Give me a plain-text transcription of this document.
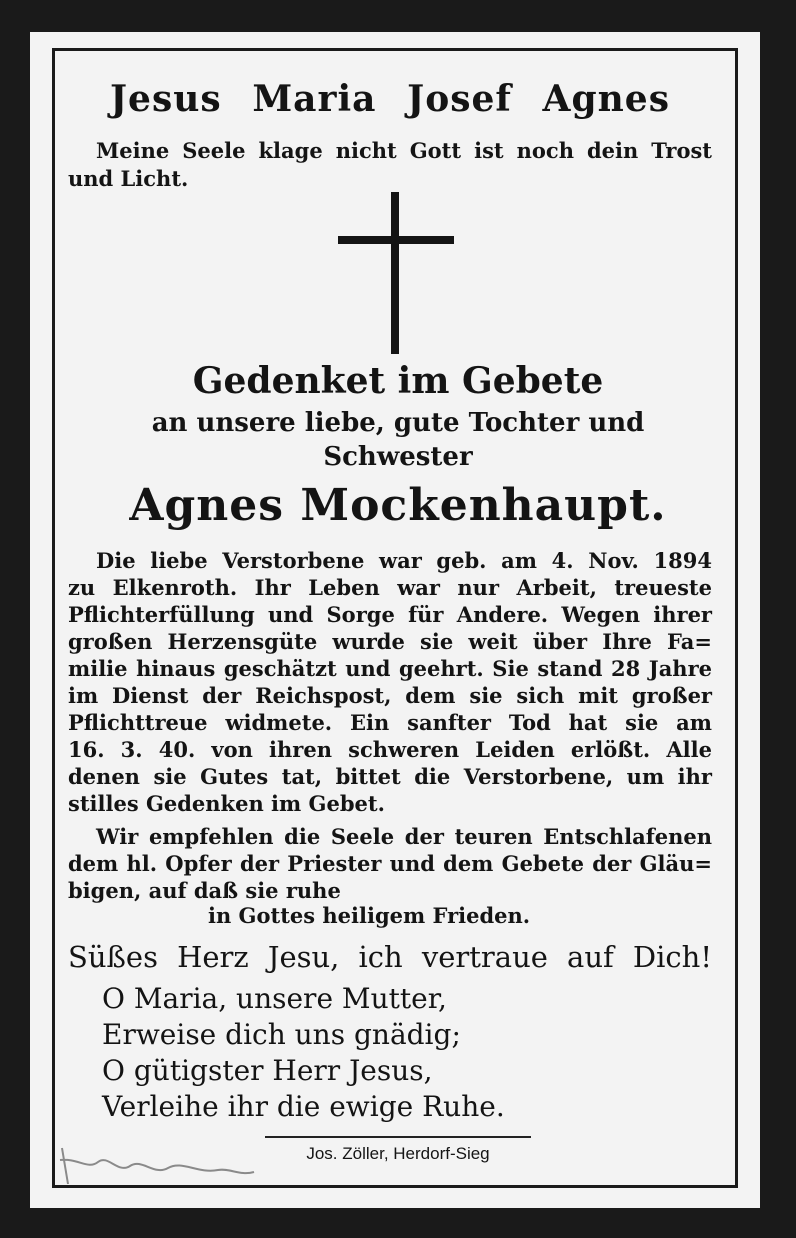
Jesus Maria Josef Agnes
Meine Seele klage nicht Gott ist noch dein Trost
und Licht.
Gedenket im Gebete
an unsere liebe, gute Tochter und
Schwester
Agnes Mockenhaupt.
Die liebe Verstorbene war geb. am 4. Nov. 1894
zu Elkenroth. Ihr Leben war nur Arbeit, treueste
Pflichterfüllung und Sorge für Andere. Wegen ihrer
großen Herzensgüte wurde sie weit über Ihre Fa=
milie hinaus geschätzt und geehrt. Sie stand 28 Jahre
im Dienst der Reichspost, dem sie sich mit großer
Pflichttreue widmete. Ein sanfter Tod hat sie am
16. 3. 40. von ihren schweren Leiden erlößt. Alle
denen sie Gutes tat, bittet die Verstorbene, um ihr
stilles Gedenken im Gebet.
Wir empfehlen die Seele der teuren Entschlafenen
dem hl. Opfer der Priester und dem Gebete der Gläu=
bigen, auf daß sie ruhe
in Gottes heiligem Frieden.
Süßes Herz Jesu, ich vertraue auf Dich!
O Maria, unsere Mutter,
Erweise dich uns gnädig;
O gütigster Herr Jesus,
Verleihe ihr die ewige Ruhe.
Jos. Zöller, Herdorf-Sieg
